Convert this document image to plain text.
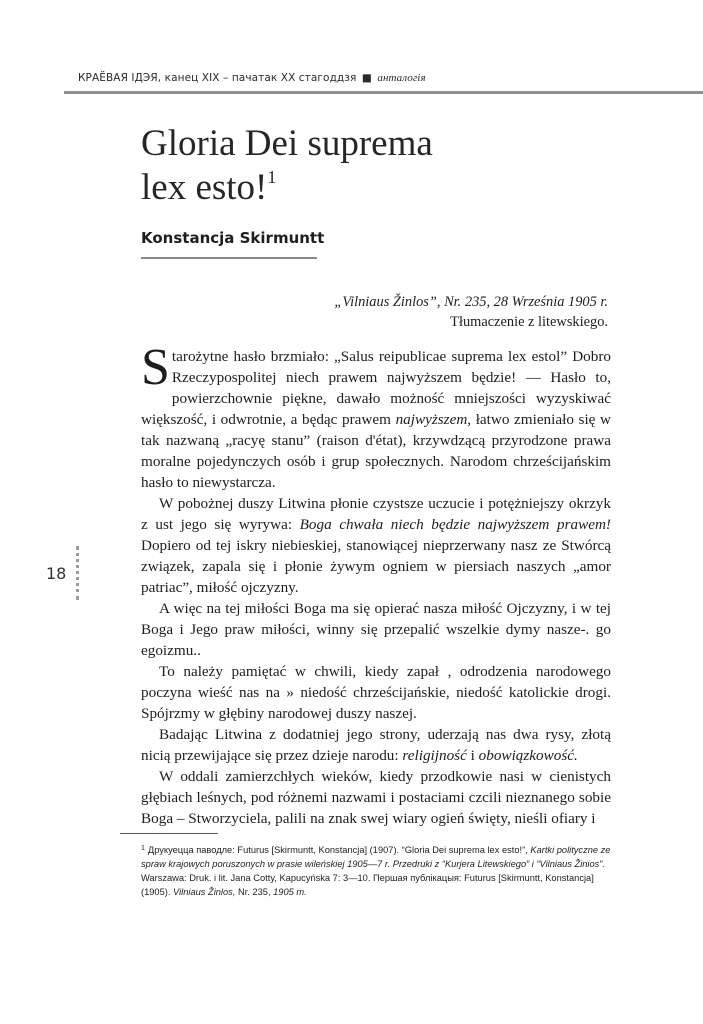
КРАЁВАЯ ІДЭЯ, канец ХІХ – пачатак ХХ стагоддзя ■ анталогія
Gloria Dei suprema
lex esto!$^1$
Konstancja Skirmuntt
„Vilniaus Žinlos”, Nr. 235, 28 Września 1905 r.
Tłumaczenie z litewskiego.

Starożytne hasło brzmiało: „Salus reipublicae suprema lex estol” Dobro Rzeczypospolitej niech prawem najwyższem będzie! — Hasło to, powierzchownie piękne, dawało możność mniejszości wyzyskiwać większość, i odwrotnie, a będąc prawem najwyższem, łatwo zmieniało się w tak nazwaną „racyę stanu” (raison d'état), krzywdzącą przyrodzone prawa moralne pojedynczych osób i grup społecznych. Narodom chrześcijańskim hasło to niewystarcza.

W pobożnej duszy Litwina płonie czystsze uczucie i potężniejszy okrzyk z ust jego się wyrywa: Boga chwała niech będzie najwyższem prawem! Dopiero od tej iskry niebieskiej, stanowiącej nieprzerwany nasz ze Stwórcą związek, zapala się i płonie żywym ogniem w piersiach naszych „amor patriac”, miłość ojczyzny.

A więc na tej miłości Boga ma się opierać nasza miłość Ojczyzny, i w tej Boga i Jego praw miłości, winny się przepalić wszelkie dymy nasze-. go egoizmu..

To należy pamiętać w chwili, kiedy zapał , odrodzenia narodowego poczyna wieść nas na » niedość chrześcijańskie, niedość katolickie drogi. Spójrzmy w głębiny narodowej duszy naszej.

Badając Litwina z dodatniej jego strony, uderzają nas dwa rysy, złotą nicią przewijające się przez dzieje narodu: religijność i obowiązkowość.

W oddali zamierzchłych wieków, kiedy przodkowie nasi w cienistych głębiach leśnych, pod różnemi nazwami i postaciami czcili nieznanego sobie Boga – Stworzyciela, palili na znak swej wiary ogień święty, nieśli ofiary i

18
$^1$ Друкуецца паводле: Futurus [Skirmuntt, Konstancja] (1907). “Gloria Dei suprema lex esto!”, Kartki polityczne ze spraw krajowych poruszonych w prasie wileńskiej 1905—7 r. Przedruki z “Kurjera Litewskiego” i “Vilniaus Žinios”. Warszawa: Druk. i lit. Jana Cotty, Kapucyńska 7: 3—10. Першая публікацыя: Futurus [Skirmuntt, Konstancja] (1905). Vilniaus Žinlos, Nr. 235, 1905 m.
